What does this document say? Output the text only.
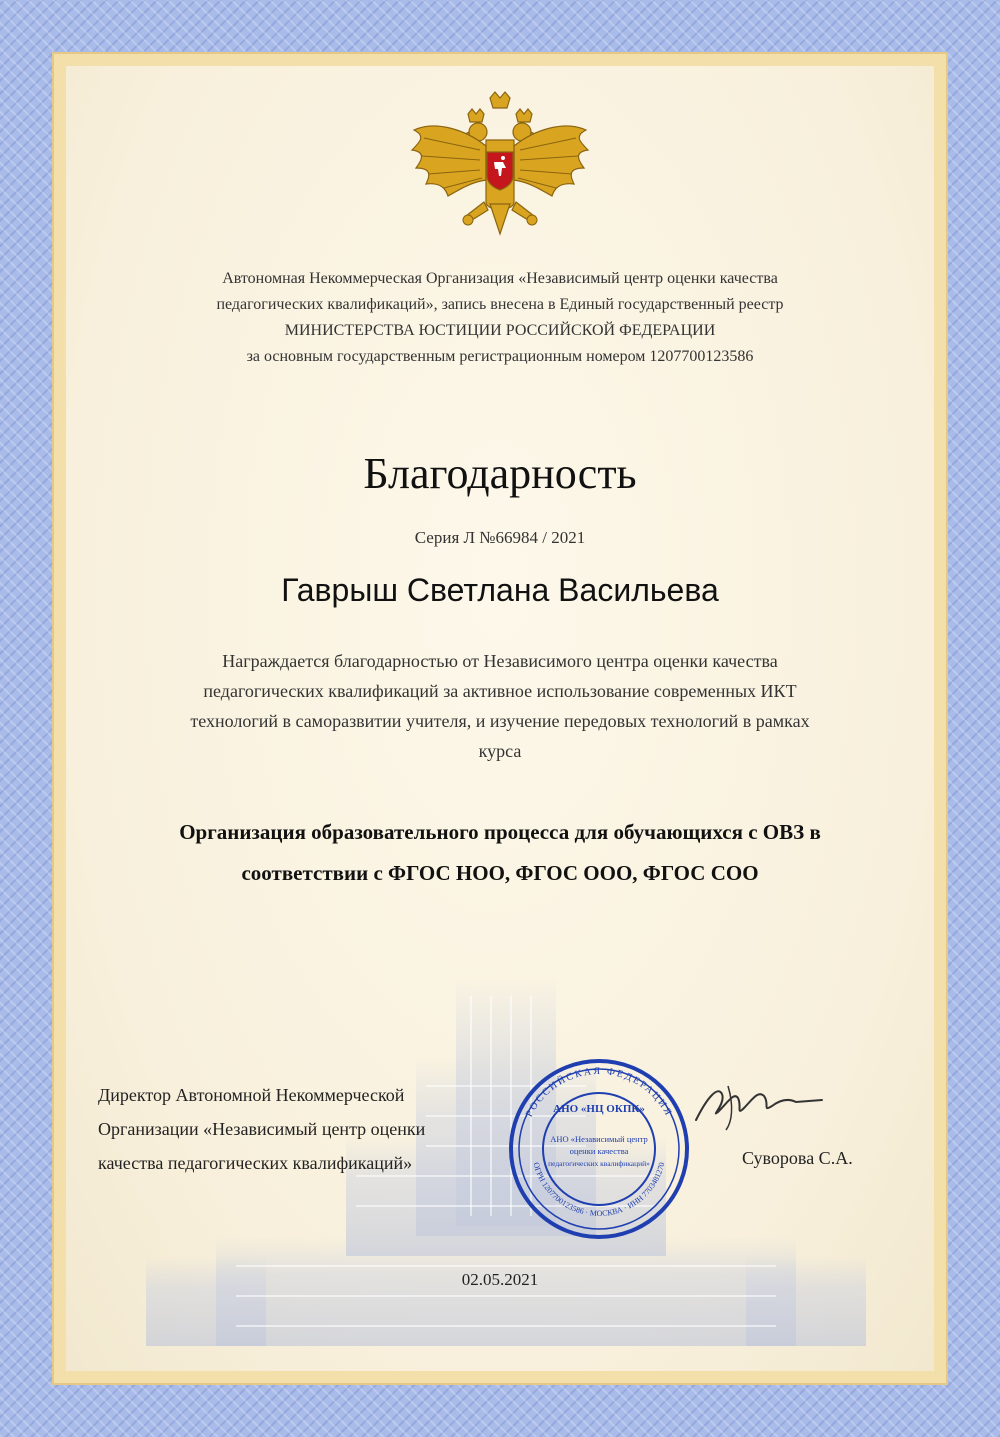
Автономная Некоммерческая Организация «Независимый центр оценки качества

педагогических квалификаций», запись внесена в Единый государственный реестр

МИНИСТЕРСТВА ЮСТИЦИИ РОССИЙСКОЙ ФЕДЕРАЦИИ

за основным государственным регистрационным номером 1207700123586

Благодарность
Серия Л №66984 / 2021
Гаврыш Светлана Васильева

Награждается благодарностью от Независимого центра оценки качества

педагогических квалификаций за активное использование современных ИКТ

технологий в саморазвитии учителя, и изучение передовых технологий в рамках

курса

Организация образовательного процесса для обучающихся с ОВЗ в

соответствии с ФГОС НОО, ФГОС ООО, ФГОС СОО

Директор Автономной Некоммерческой

Организации «Независимый центр оценки

качества педагогических квалификаций»

РОССИЙСКАЯ ФЕДЕРАЦИЯ
ОГРН 1207700123586 · МОСКВА · ИНН 7703481270
АНО «НЦ ОКПК»
АНО «Независимый центр
оценки качества
педагогических квалификаций»	Суворова С.А.
02.05.2021
